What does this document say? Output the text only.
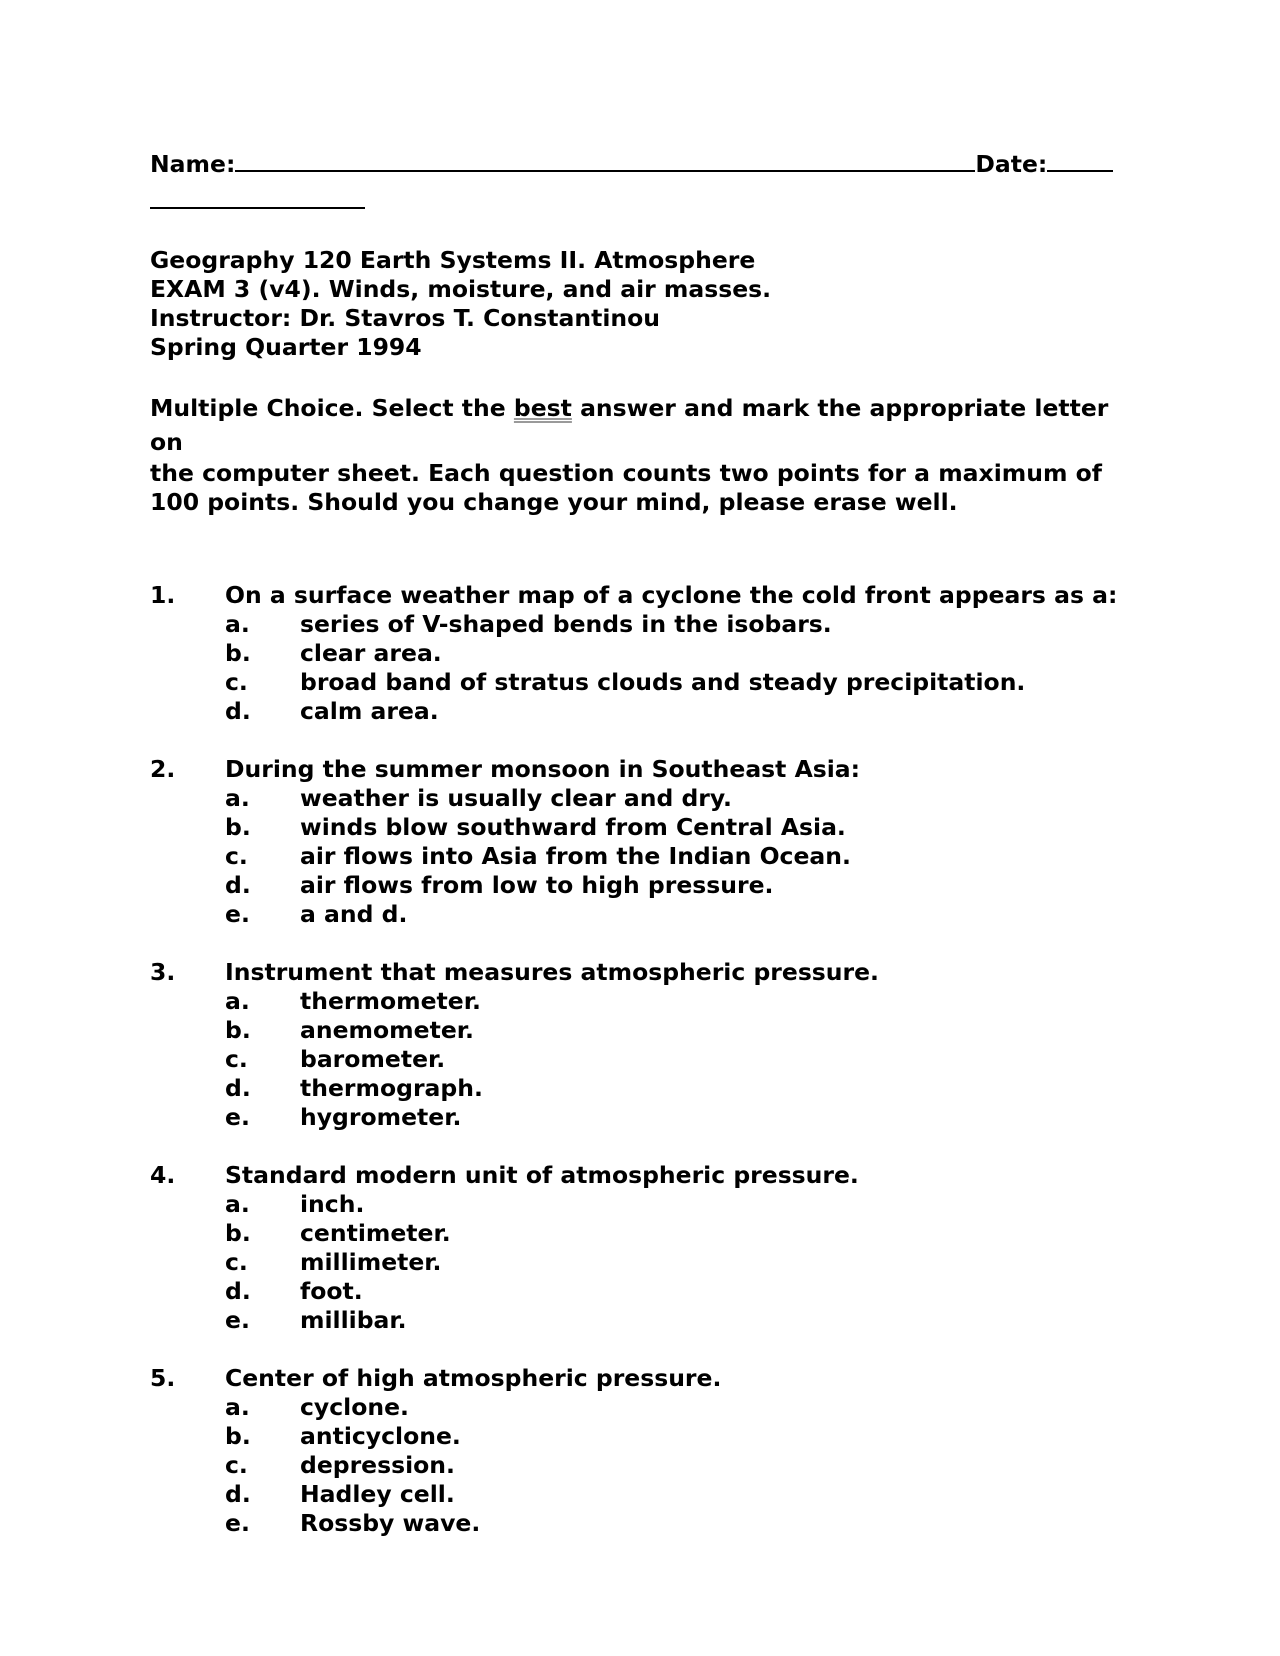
Name:	Date:
Geography 120 Earth Systems II. Atmosphere
EXAM 3 (v4). Winds, moisture, and air masses.
Instructor: Dr. Stavros T. Constantinou
Spring Quarter 1994
Multiple Choice. Select the best answer and mark the appropriate letter on
the computer sheet. Each question counts two points for a maximum of 100 points. Should you change your mind, please erase well.
1.	On a surface weather map of a cyclone the cold front appears as a:
a.	series of V-shaped bends in the isobars.
b.	clear area.
c.	broad band of stratus clouds and steady precipitation.
d.	calm area.
2.	During the summer monsoon in Southeast Asia:
a.	weather is usually clear and dry.
b.	winds blow southward from Central Asia.
c.	air flows into Asia from the Indian Ocean.
d.	air flows from low to high pressure.
e.	a and d.
3.	Instrument that measures atmospheric pressure.
a.	thermometer.
b.	anemometer.
c.	barometer.
d.	thermograph.
e.	hygrometer.
4.	Standard modern unit of atmospheric pressure.
a.	inch.
b.	centimeter.
c.	millimeter.
d.	foot.
e.	millibar.
5.	Center of high atmospheric pressure.
a.	cyclone.
b.	anticyclone.
c.	depression.
d.	Hadley cell.
e.	Rossby wave.
